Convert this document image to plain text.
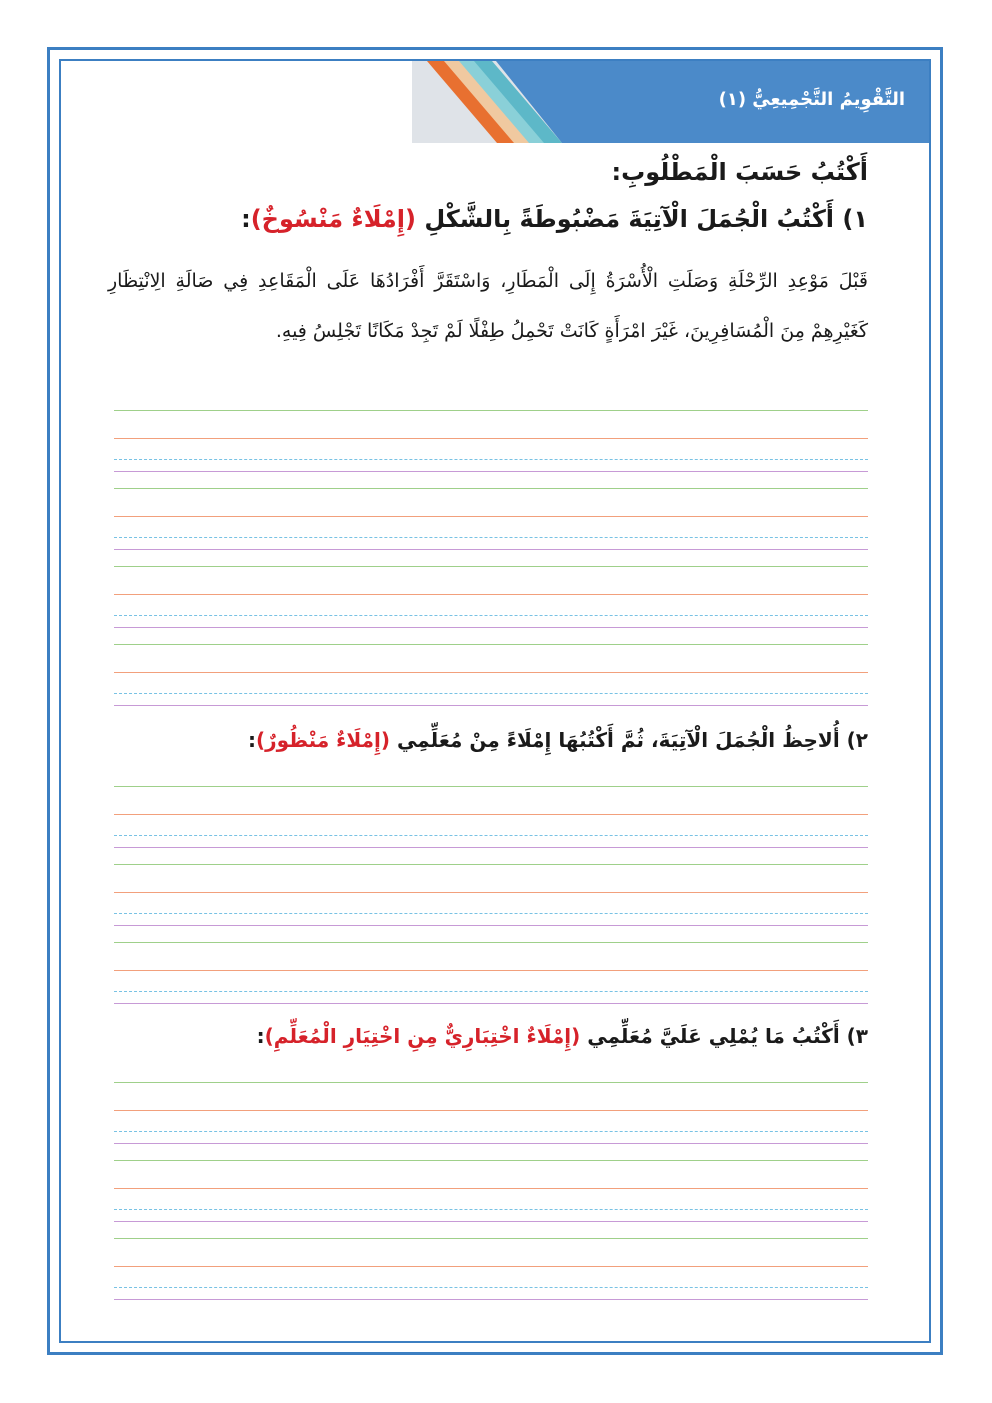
التَّقْوِيمُ التَّجْمِيعِيُّ (١)
أَكْتُبُ حَسَبَ الْمَطْلُوبِ:
١) أَكْتُبُ الْجُمَلَ الْآتِيَةَ مَضْبُوطَةً بِالشَّكْلِ (إِمْلَاءٌ مَنْسُوخٌ):
قَبْلَ مَوْعِدِ الرِّحْلَةِ وَصَلَتِ الْأُسْرَةُ إِلَى الْمَطَارِ، وَاسْتَقَرَّ أَفْرَادُهَا عَلَى الْمَقَاعِدِ فِي صَالَةِ الِانْتِظَارِ كَغَيْرِهِمْ مِنَ الْمُسَافِرِينَ، غَيْرَ امْرَأَةٍ كَانَتْ تَحْمِلُ طِفْلًا لَمْ تَجِدْ مَكَانًا تَجْلِسُ فِيهِ.
٢) أُلاحِظُ الْجُمَلَ الْآتِيَةَ، ثُمَّ أَكْتُبُهَا إِمْلَاءً مِنْ مُعَلِّمِي (إِمْلَاءٌ مَنْظُورٌ):
٣) أَكْتُبُ مَا يُمْلِي عَلَيَّ مُعَلِّمِي (إِمْلَاءٌ اخْتِبَارِيٌّ مِنِ اخْتِيَارِ الْمُعَلِّمِ):
